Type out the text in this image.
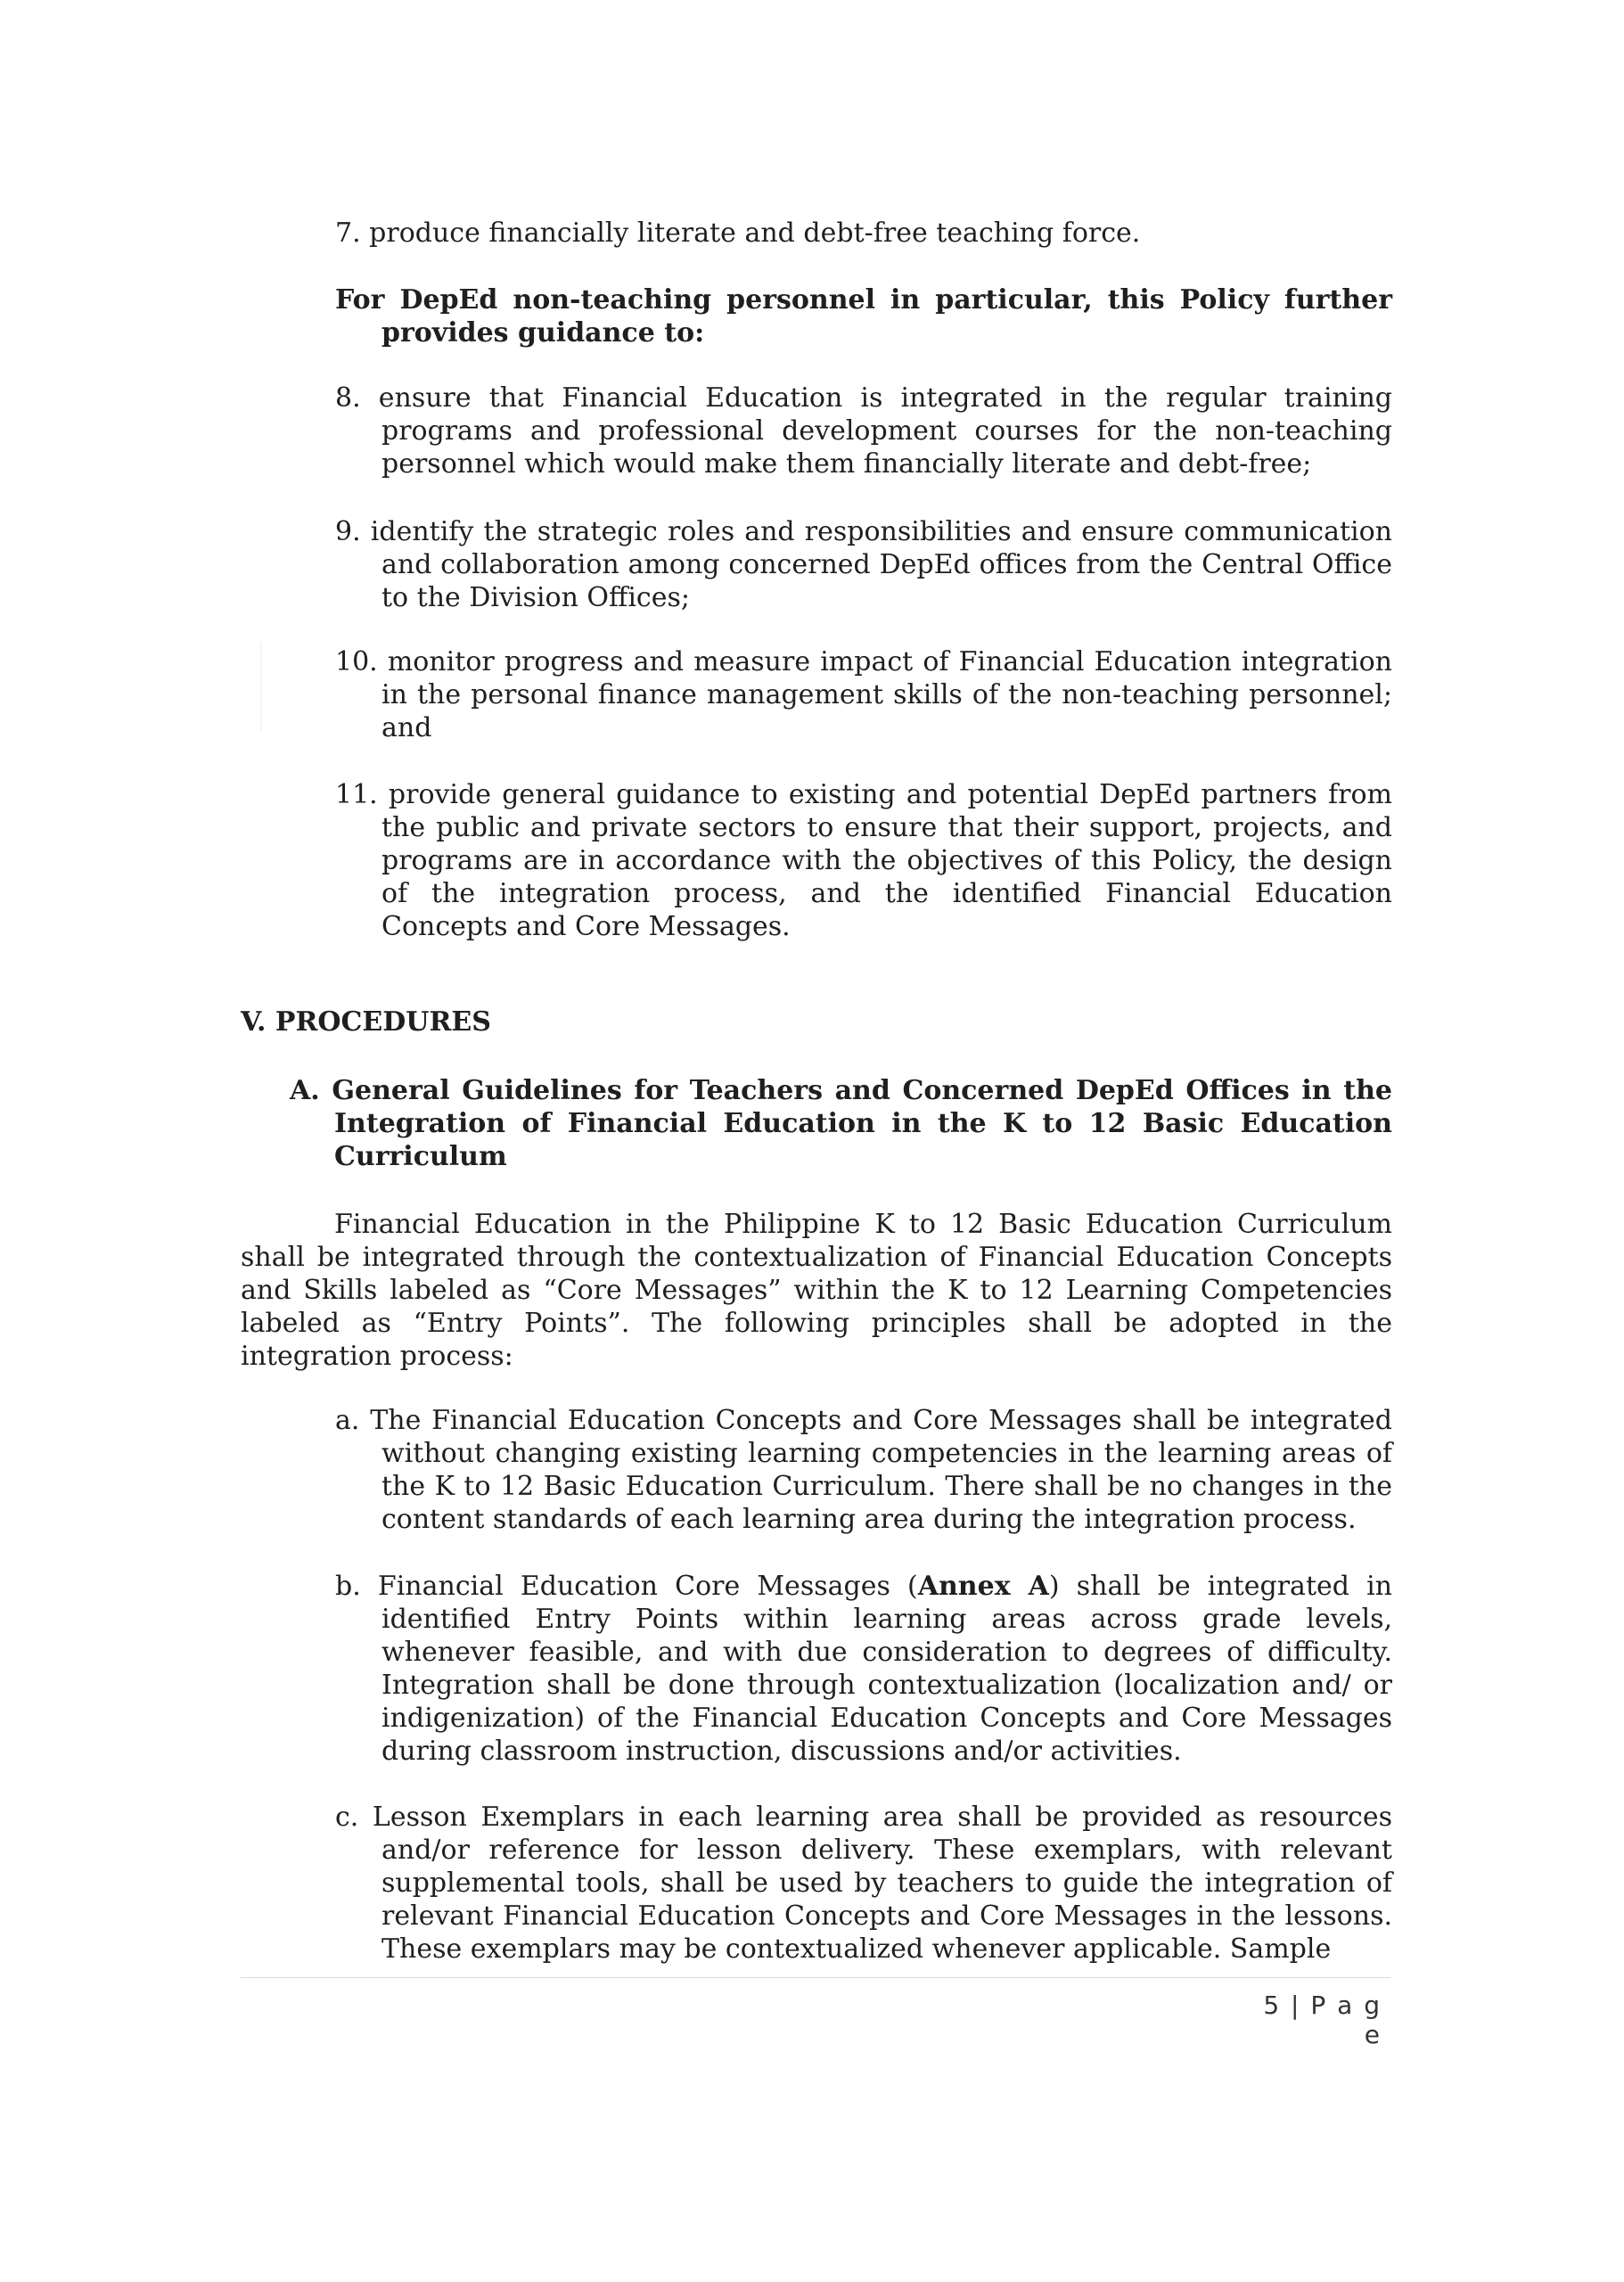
7. produce financially literate and debt-free teaching force.

For DepEd non-teaching personnel in particular, this Policy further provides guidance to:

8. ensure that Financial Education is integrated in the regular training programs and professional development courses for the non-teaching personnel which would make them financially literate and debt-free;

9. identify the strategic roles and responsibilities and ensure communication and collaboration among concerned DepEd offices from the Central Office to the Division Offices;

10. monitor progress and measure impact of Financial Education integration in the personal finance management skills of the non-teaching personnel; and

11. provide general guidance to existing and potential DepEd partners from the public and private sectors to ensure that their support, projects, and programs are in accordance with the objectives of this Policy, the design of the integration process, and the identified Financial Education Concepts and Core Messages.

V. PROCEDURES

A. General Guidelines for Teachers and Concerned DepEd Offices in the Integration of Financial Education in the K to 12 Basic Education Curriculum

Financial Education in the Philippine K to 12 Basic Education Curriculum shall be integrated through the contextualization of Financial Education Concepts and Skills labeled as “Core Messages” within the K to 12 Learning Competencies labeled as “Entry Points”. The following principles shall be adopted in the integration process:

a. The Financial Education Concepts and Core Messages shall be integrated without changing existing learning competencies in the learning areas of the K to 12 Basic Education Curriculum. There shall be no changes in the content standards of each learning area during the integration process.

b. Financial Education Core Messages (Annex A) shall be integrated in identified Entry Points within learning areas across grade levels, whenever feasible, and with due consideration to degrees of difficulty. Integration shall be done through contextualization (localization and/ or indigenization) of the Financial Education Concepts and Core Messages during classroom instruction, discussions and/or activities.

c. Lesson Exemplars in each learning area shall be provided as resources and/or reference for lesson delivery. These exemplars, with relevant supplemental tools, shall be used by teachers to guide the integration of relevant Financial Education Concepts and Core Messages in the lessons. These exemplars may be contextualized whenever applicable. Sample

5 | P a g e
